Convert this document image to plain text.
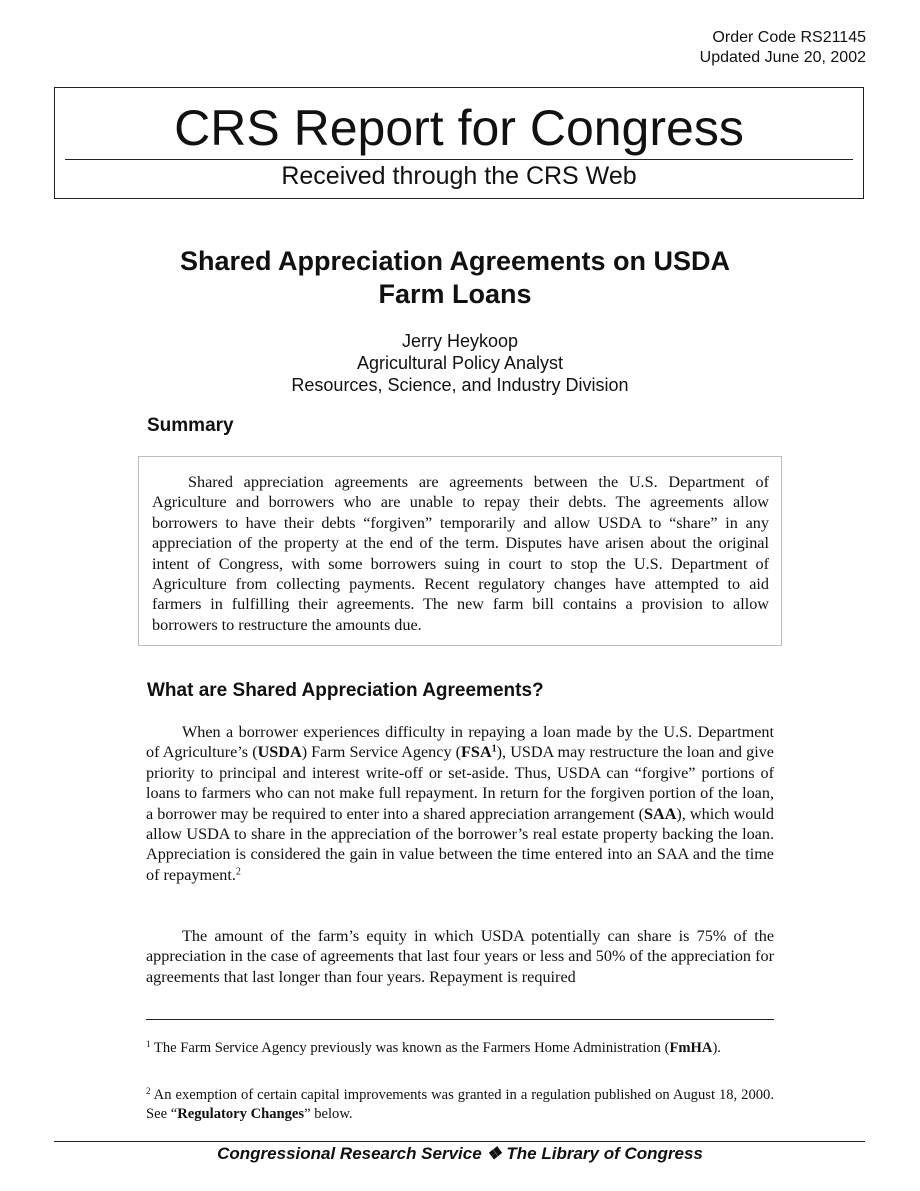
Order Code RS21145
Updated June 20, 2002
CRS Report for Congress
Received through the CRS Web
Shared Appreciation Agreements on USDA
Farm Loans
Jerry Heykoop
Agricultural Policy Analyst
Resources, Science, and Industry Division
Summary

Shared appreciation agreements are agreements between the U.S. Department of Agriculture and borrowers who are unable to repay their debts. The agreements allow borrowers to have their debts “forgiven” temporarily and allow USDA to “share” in any appreciation of the property at the end of the term. Disputes have arisen about the original intent of Congress, with some borrowers suing in court to stop the U.S. Department of Agriculture from collecting payments. Recent regulatory changes have attempted to aid farmers in fulfilling their agreements. The new farm bill contains a provision to allow borrowers to restructure the amounts due.

What are Shared Appreciation Agreements?

When a borrower experiences difficulty in repaying a loan made by the U.S. Department of Agriculture’s (USDA) Farm Service Agency (FSA$^1$), USDA may restructure the loan and give priority to principal and interest write-off or set-aside. Thus, USDA can “forgive” portions of loans to farmers who can not make full repayment. In return for the forgiven portion of the loan, a borrower may be required to enter into a shared appreciation arrangement (SAA), which would allow USDA to share in the appreciation of the borrower’s real estate property backing the loan. Appreciation is considered the gain in value between the time entered into an SAA and the time of repayment.$^2$

The amount of the farm’s equity in which USDA potentially can share is 75% of the appreciation in the case of agreements that last four years or less and 50% of the appreciation for agreements that last longer than four years. Repayment is required

$^1$ The Farm Service Agency previously was known as the Farmers Home Administration (FmHA).

$^2$ An exemption of certain capital improvements was granted in a regulation published on August 18, 2000. See “Regulatory Changes” below.

Congressional Research Service ❖ The Library of Congress
